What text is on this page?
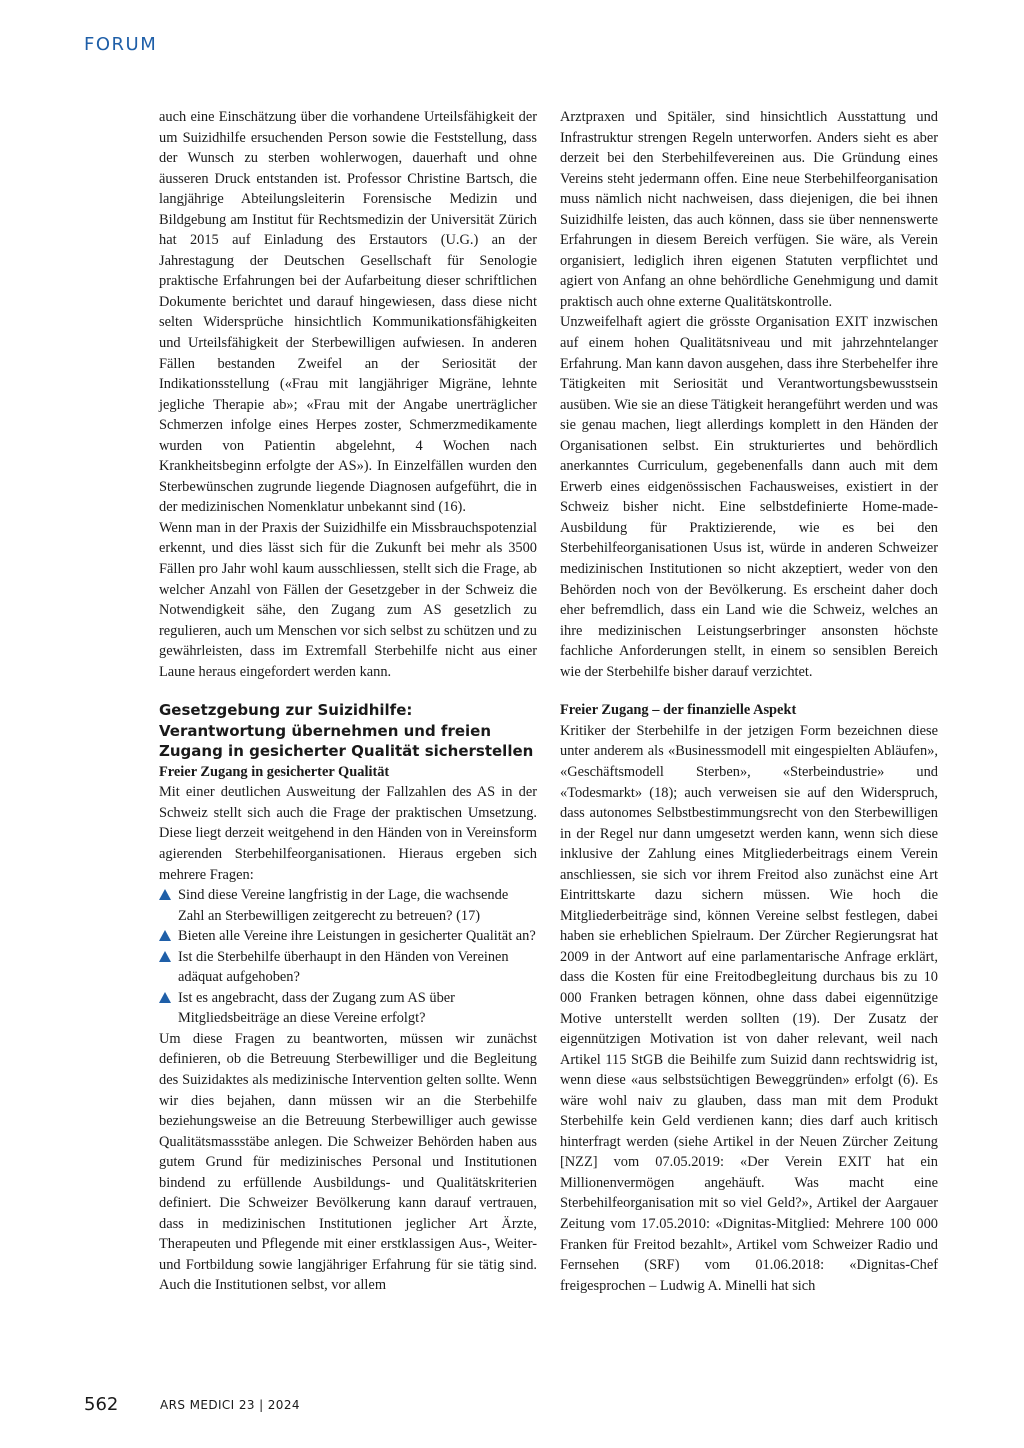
FORUM

auch eine Einschätzung über die vorhandene Urteilsfähigkeit der um Suizidhilfe ersuchenden Person sowie die Feststellung, dass der Wunsch zu sterben wohlerwogen, dauerhaft und ohne äusseren Druck entstanden ist. Professor Christine Bartsch, die langjährige Abteilungsleiterin Forensische Medizin und Bildgebung am Institut für Rechtsmedizin der Universität Zürich hat 2015 auf Einladung des Erstautors (U.G.) an der Jahrestagung der Deutschen Gesellschaft für Senologie praktische Erfahrungen bei der Aufarbeitung dieser schriftlichen Dokumente berichtet und darauf hingewiesen, dass diese nicht selten Widersprüche hinsichtlich Kommunikationsfähigkeiten und Urteilsfähigkeit der Sterbewilligen aufwiesen. In anderen Fällen bestanden Zweifel an der Seriosität der Indikationsstellung («Frau mit langjähriger Migräne, lehnte jegliche Therapie ab»; «Frau mit der Angabe unerträglicher Schmerzen infolge eines Herpes zoster, Schmerzmedikamente wurden von Patientin abgelehnt, 4 Wochen nach Krankheitsbeginn erfolgte der AS»). In Einzelfällen wurden den Sterbewünschen zugrunde liegende Diagnosen aufgeführt, die in der medizinischen Nomenklatur unbekannt sind (16).

Wenn man in der Praxis der Suizidhilfe ein Missbrauchspotenzial erkennt, und dies lässt sich für die Zukunft bei mehr als 3500 Fällen pro Jahr wohl kaum ausschliessen, stellt sich die Frage, ab welcher Anzahl von Fällen der Gesetzgeber in der Schweiz die Notwendigkeit sähe, den Zugang zum AS gesetzlich zu regulieren, auch um Menschen vor sich selbst zu schützen und zu gewährleisten, dass im Extremfall Sterbehilfe nicht aus einer Laune heraus eingefordert werden kann.

Gesetzgebung zur Suizidhilfe: Verantwortung übernehmen und freien Zugang in gesicherter Qualität sicherstellen
Freier Zugang in gesicherter Qualität

Mit einer deutlichen Ausweitung der Fallzahlen des AS in der Schweiz stellt sich auch die Frage der praktischen Umsetzung. Diese liegt derzeit weitgehend in den Händen von in Vereinsform agierenden Sterbehilfeorganisationen. Hieraus ergeben sich mehrere Fragen:

Sind diese Vereine langfristig in der Lage, die wachsende Zahl an Sterbewilligen zeitgerecht zu betreuen? (17)
Bieten alle Vereine ihre Leistungen in gesicherter Qualität an?
Ist die Sterbehilfe überhaupt in den Händen von Vereinen adäquat aufgehoben?
Ist es angebracht, dass der Zugang zum AS über Mitgliedsbeiträge an diese Vereine erfolgt?

Um diese Fragen zu beantworten, müssen wir zunächst definieren, ob die Betreuung Sterbewilliger und die Begleitung des Suizidaktes als medizinische Intervention gelten sollte. Wenn wir dies bejahen, dann müssen wir an die Sterbehilfe beziehungsweise an die Betreuung Sterbewilliger auch gewisse Qualitätsmassstäbe anlegen. Die Schweizer Behörden haben aus gutem Grund für medizinisches Personal und Institutionen bindend zu erfüllende Ausbildungs- und Qualitätskriterien definiert. Die Schweizer Bevölkerung kann darauf vertrauen, dass in medizinischen Institutionen jeglicher Art Ärzte, Therapeuten und Pflegende mit einer erstklassigen Aus-, Weiter- und Fortbildung sowie langjähriger Erfahrung für sie tätig sind. Auch die Institutionen selbst, vor allem

Arztpraxen und Spitäler, sind hinsichtlich Ausstattung und Infrastruktur strengen Regeln unterworfen. Anders sieht es aber derzeit bei den Sterbehilfevereinen aus. Die Gründung eines Vereins steht jedermann offen. Eine neue Sterbehilfeorganisation muss nämlich nicht nachweisen, dass diejenigen, die bei ihnen Suizidhilfe leisten, das auch können, dass sie über nennenswerte Erfahrungen in diesem Bereich verfügen. Sie wäre, als Verein organisiert, lediglich ihren eigenen Statuten verpflichtet und agiert von Anfang an ohne behördliche Genehmigung und damit praktisch auch ohne externe Qualitätskontrolle.

Unzweifelhaft agiert die grösste Organisation EXIT inzwischen auf einem hohen Qualitätsniveau und mit jahrzehntelanger Erfahrung. Man kann davon ausgehen, dass ihre Sterbehelfer ihre Tätigkeiten mit Seriosität und Verantwortungsbewusstsein ausüben. Wie sie an diese Tätigkeit herangeführt werden und was sie genau machen, liegt allerdings komplett in den Händen der Organisationen selbst. Ein strukturiertes und behördlich anerkanntes Curriculum, gegebenenfalls dann auch mit dem Erwerb eines eidgenössischen Fachausweises, existiert in der Schweiz bisher nicht. Eine selbstdefinierte Home-made-Ausbildung für Praktizierende, wie es bei den Sterbehilfeorganisationen Usus ist, würde in anderen Schweizer medizinischen Institutionen so nicht akzeptiert, weder von den Behörden noch von der Bevölkerung. Es erscheint daher doch eher befremdlich, dass ein Land wie die Schweiz, welches an ihre medizinischen Leistungserbringer ansonsten höchste fachliche Anforderungen stellt, in einem so sensiblen Bereich wie der Sterbehilfe bisher darauf verzichtet.

Freier Zugang – der finanzielle Aspekt

Kritiker der Sterbehilfe in der jetzigen Form bezeichnen diese unter anderem als «Businessmodell mit eingespielten Abläufen», «Geschäftsmodell Sterben», «Sterbeindustrie» und «Todesmarkt» (18); auch verweisen sie auf den Widerspruch, dass autonomes Selbstbestimmungsrecht von den Sterbewilligen in der Regel nur dann umgesetzt werden kann, wenn sich diese inklusive der Zahlung eines Mitgliederbeitrags einem Verein anschliessen, sie sich vor ihrem Freitod also zunächst eine Art Eintrittskarte dazu sichern müssen. Wie hoch die Mitgliederbeiträge sind, können Vereine selbst festlegen, dabei haben sie erheblichen Spielraum. Der Zürcher Regierungsrat hat 2009 in der Antwort auf eine parlamentarische Anfrage erklärt, dass die Kosten für eine Freitodbegleitung durchaus bis zu 10 000 Franken betragen können, ohne dass dabei eigennützige Motive unterstellt werden sollten (19). Der Zusatz der eigennützigen Motivation ist von daher relevant, weil nach Artikel 115 StGB die Beihilfe zum Suizid dann rechtswidrig ist, wenn diese «aus selbstsüchtigen Beweggründen» erfolgt (6). Es wäre wohl naiv zu glauben, dass man mit dem Produkt Sterbehilfe kein Geld verdienen kann; dies darf auch kritisch hinterfragt werden (siehe Artikel in der Neuen Zürcher Zeitung [NZZ] vom 07.05.2019: «Der Verein EXIT hat ein Millionenvermögen angehäuft. Was macht eine Sterbehilfeorganisation mit so viel Geld?», Artikel der Aargauer Zeitung vom 17.05.2010: «Dignitas-Mitglied: Mehrere 100 000 Franken für Freitod bezahlt», Artikel vom Schweizer Radio und Fernsehen (SRF) vom 01.06.2018: «Dignitas-Chef freigesprochen – Ludwig A. Minelli hat sich

562	ARS MEDICI 23 | 2024
